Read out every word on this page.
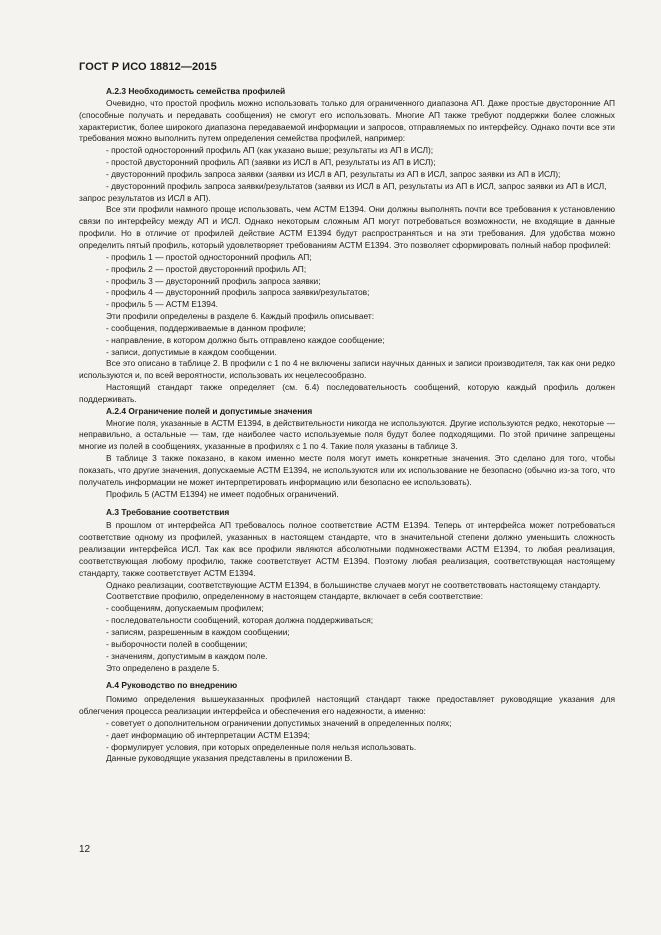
ГОСТ Р ИСО 18812—2015
А.2.3 Необходимость семейства профилей

Очевидно, что простой профиль можно использовать только для ограниченного диапазона АП. Даже простые двусторонние АП (способные получать и передавать сообщения) не смогут его использовать. Многие АП также требуют поддержки более сложных характеристик, более широкого диапазона передаваемой информации и запросов, отправляемых по интерфейсу. Однако почти все эти требования можно выполнить путем определения семейства профилей, например:

- простой односторонний профиль АП (как указано выше; результаты из АП в ИСЛ);

- простой двусторонний профиль АП (заявки из ИСЛ в АП, результаты из АП в ИСЛ);

- двусторонний профиль запроса заявки (заявки из ИСЛ в АП, результаты из АП в ИСЛ, запрос заявки из АП в ИСЛ);

- двусторонний профиль запроса заявки/результатов (заявки из ИСЛ в АП, результаты из АП в ИСЛ, запрос заявки из АП в ИСЛ, запрос результатов из ИСЛ в АП).

Все эти профили намного проще использовать, чем АСТМ Е1394. Они должны выполнять почти все требования к установлению связи по интерфейсу между АП и ИСЛ. Однако некоторым сложным АП могут потребоваться возможности, не входящие в данные профили. Но в отличие от профилей действие АСТМ Е1394 будут распространяться и на эти требования. Для удобства можно определить пятый профиль, который удовлетворяет требованиям АСТМ Е1394. Это позволяет сформировать полный набор профилей:

- профиль 1 — простой односторонний профиль АП;

- профиль 2 — простой двусторонний профиль АП;

- профиль 3 — двусторонний профиль запроса заявки;

- профиль 4 — двусторонний профиль запроса заявки/результатов;

- профиль 5 — АСТМ Е1394.

Эти профили определены в разделе 6. Каждый профиль описывает:

- сообщения, поддерживаемые в данном профиле;

- направление, в котором должно быть отправлено каждое сообщение;

- записи, допустимые в каждом сообщении.

Все это описано в таблице 2. В профили с 1 по 4 не включены записи научных данных и записи производителя, так как они редко используются и, по всей вероятности, использовать их нецелесообразно.

Настоящий стандарт также определяет (см. 6.4) последовательность сообщений, которую каждый профиль должен поддерживать.

А.2.4 Ограничение полей и допустимые значения

Многие поля, указанные в АСТМ Е1394, в действительности никогда не используются. Другие используются редко, некоторые — неправильно, а остальные — там, где наиболее часто используемые поля будут более подходящими. По этой причине запрещены многие из полей в сообщениях, указанные в профилях с 1 по 4. Такие поля указаны в таблице 3.

В таблице 3 также показано, в каком именно месте поля могут иметь конкретные значения. Это сделано для того, чтобы показать, что другие значения, допускаемые АСТМ Е1394, не используются или их использование не безопасно (обычно из-за того, что получатель информации не может интерпретировать информацию или безопасно ее использовать).

Профиль 5 (АСТМ Е1394) не имеет подобных ограничений.

А.3 Требование соответствия

В прошлом от интерфейса АП требовалось полное соответствие АСТМ Е1394. Теперь от интерфейса может потребоваться соответствие одному из профилей, указанных в настоящем стандарте, что в значительной степени должно уменьшить сложность реализации интерфейса ИСЛ. Так как все профили являются абсолютными подмножествами АСТМ Е1394, то любая реализация, соответствующая любому профилю, также соответствует АСТМ Е1394. Поэтому любая реализация, соответствующая настоящему стандарту, также соответствует АСТМ Е1394.

Однако реализации, соответствующие АСТМ Е1394, в большинстве случаев могут не соответствовать настоящему стандарту.

Соответствие профилю, определенному в настоящем стандарте, включает в себя соответствие:

- сообщениям, допускаемым профилем;

- последовательности сообщений, которая должна поддерживаться;

- записям, разрешенным в каждом сообщении;

- выборочности полей в сообщении;

- значениям, допустимым в каждом поле.

Это определено в разделе 5.

А.4 Руководство по внедрению

Помимо определения вышеуказанных профилей настоящий стандарт также предоставляет руководящие указания для облегчения процесса реализации интерфейса и обеспечения его надежности, а именно:

- советует о дополнительном ограничении допустимых значений в определенных полях;

- дает информацию об интерпретации АСТМ Е1394;

- формулирует условия, при которых определенные поля нельзя использовать.

Данные руководящие указания представлены в приложении В.

12
